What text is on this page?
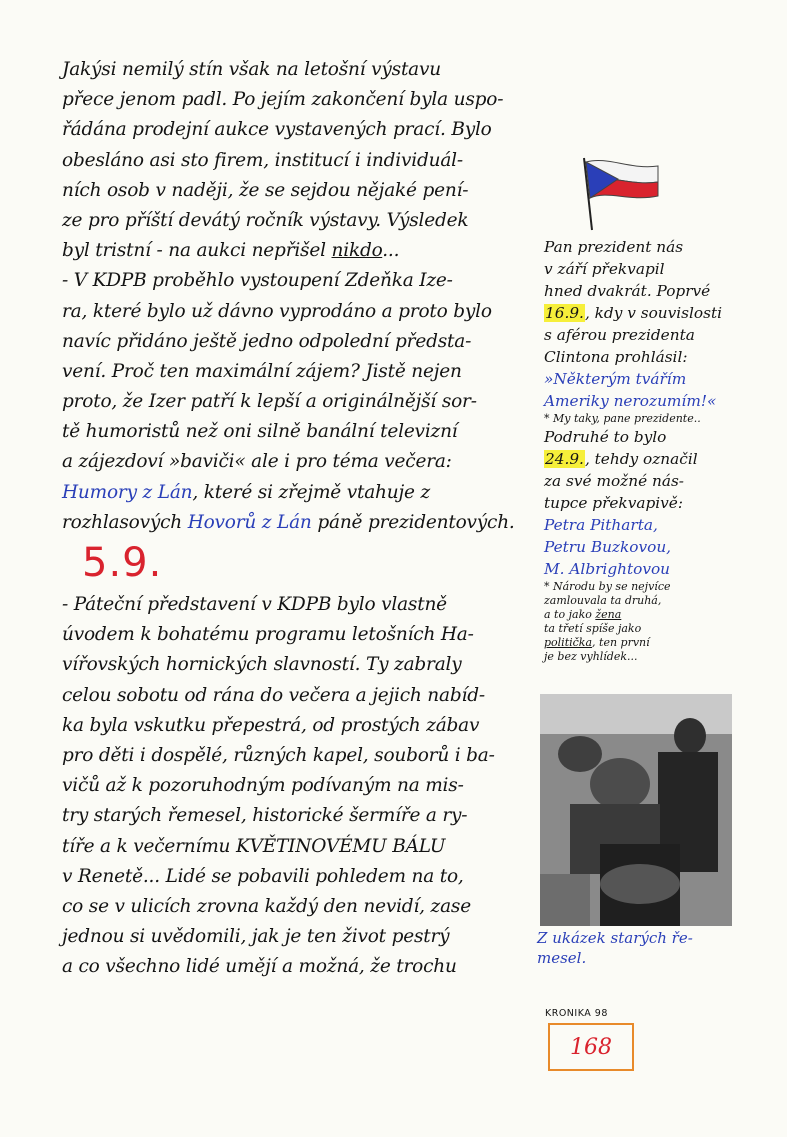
Jakýsi nemilý stín však na letošní výstavu
přece jenom padl. Po jejím zakončení byla uspo-
řádána prodejní aukce vystavených prací. Bylo
obesláno asi sto firem, institucí i individuál-
ních osob v naději, že se sejdou nějaké pení-
ze pro příští devátý ročník výstavy. Výsledek
byl tristní - na aukci nepřišel nikdo...
- V KDPB proběhlo vystoupení Zdeňka Ize-
ra, které bylo už dávno vyprodáno a proto bylo
navíc přidáno ještě jedno odpolední předsta-
vení. Proč ten maximální zájem? Jistě nejen
proto, že Izer patří k lepší a originálnější sor-
tě humoristů než oni silně banální televizní
a zájezdoví »baviči« ale i pro téma večera:
Humory z Lán, které si zřejmě vtahuje z
rozhlasových Hovorů z Lán páně prezidentových.
5.9.
- Páteční představení v KDPB bylo vlastně
úvodem k bohatému programu letošních Ha-
vířovských hornických slavností. Ty zabraly
celou sobotu od rána do večera a jejich nabíd-
ka byla vskutku přepestrá, od prostých zábav
pro děti i dospělé, různých kapel, souborů i ba-
vičů až k pozoruhodným podívaným na mis-
try starých řemesel, historické šermíře a ry-
tíře a k večernímu KVĚTINOVÉMU BÁLU
v Renetě... Lidé se pobavili pohledem na to,
co se v ulicích zrovna každý den nevidí, zase
jednou si uvědomili, jak je ten život pestrý
a co všechno lidé umějí a možná, že trochu
Pan prezident nás
v září překvapil
hned dvakrát. Poprvé
16.9., kdy v souvislosti
s aférou prezidenta
Clintona prohlásil:
»Některým tvářím
Ameriky nerozumím!«
* My taky, pane prezidente..
Podruhé to bylo
24.9., tehdy označil
za své možné nás-
tupce překvapivě:
Petra Pitharta,
Petru Buzkovou,
M. Albrightovou
* Národu by se nejvíce
zamlouvala ta druhá,
a to jako žena
ta třetí spíše jako
politička, ten první
je bez vyhlídek...
Z ukázek starých ře-
mesel.
KRONIKA 98
168
